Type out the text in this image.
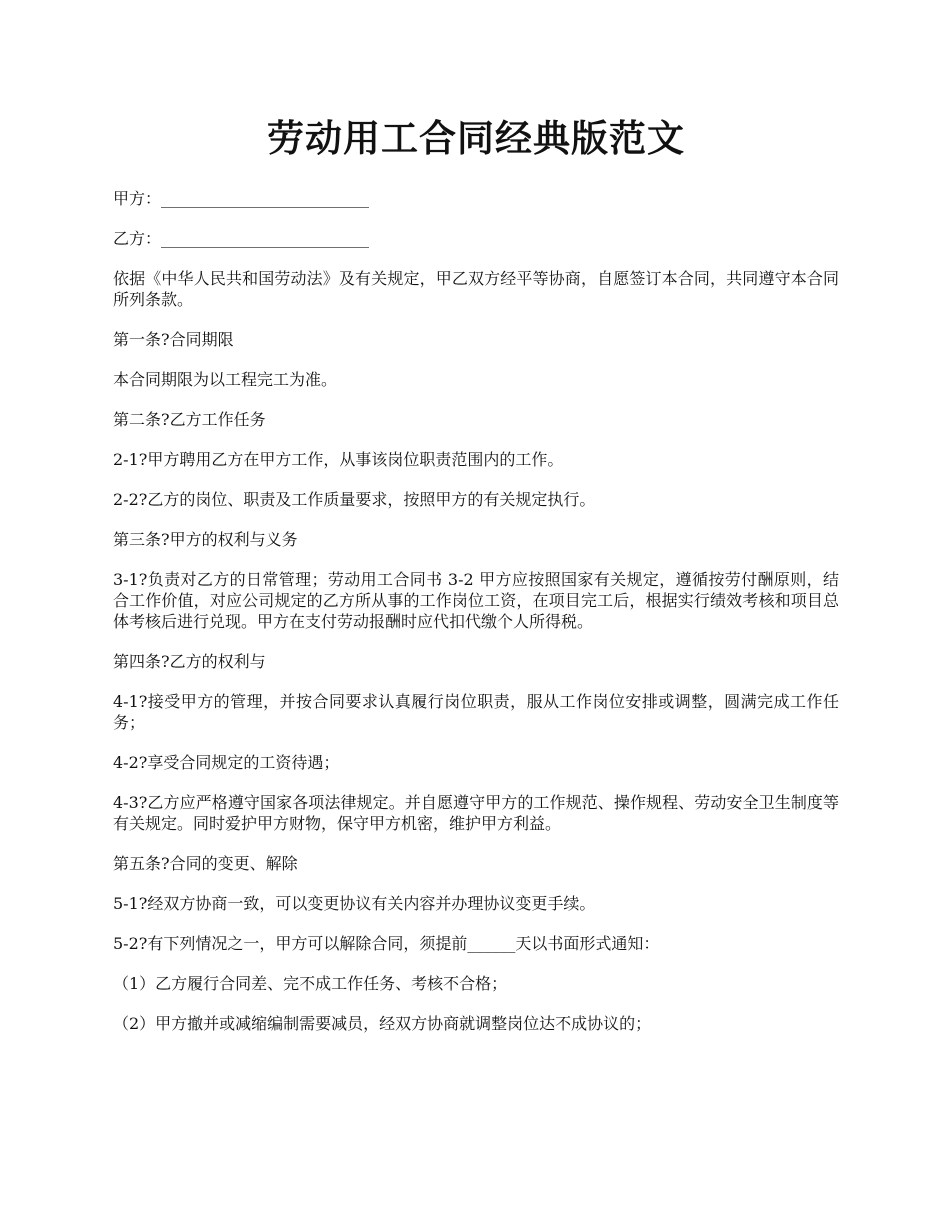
劳动用工合同经典版范文

甲方：__________________________

乙方：__________________________

依据《中华人民共和国劳动法》及有关规定，甲乙双方经平等协商，自愿签订本合同，共同遵守本合同所列条款。

第一条?合同期限

本合同期限为以工程完工为准。

第二条?乙方工作任务

2-1?甲方聘用乙方在甲方工作，从事该岗位职责范围内的工作。

2-2?乙方的岗位、职责及工作质量要求，按照甲方的有关规定执行。

第三条?甲方的权利与义务

3-1?负责对乙方的日常管理；劳动用工合同书 3-2 甲方应按照国家有关规定，遵循按劳付酬原则，结合工作价值，对应公司规定的乙方所从事的工作岗位工资，在项目完工后，根据实行绩效考核和项目总体考核后进行兑现。甲方在支付劳动报酬时应代扣代缴个人所得税。

第四条?乙方的权利与

4-1?接受甲方的管理，并按合同要求认真履行岗位职责，服从工作岗位安排或调整，圆满完成工作任务；

4-2?享受合同规定的工资待遇；

4-3?乙方应严格遵守国家各项法律规定。并自愿遵守甲方的工作规范、操作规程、劳动安全卫生制度等有关规定。同时爱护甲方财物，保守甲方机密，维护甲方利益。

第五条?合同的变更、解除

5-1?经双方协商一致，可以变更协议有关内容并办理协议变更手续。

5-2?有下列情况之一，甲方可以解除合同，须提前______天以书面形式通知：

（1）乙方履行合同差、完不成工作任务、考核不合格；

（2）甲方撤并或减缩编制需要减员，经双方协商就调整岗位达不成协议的；
